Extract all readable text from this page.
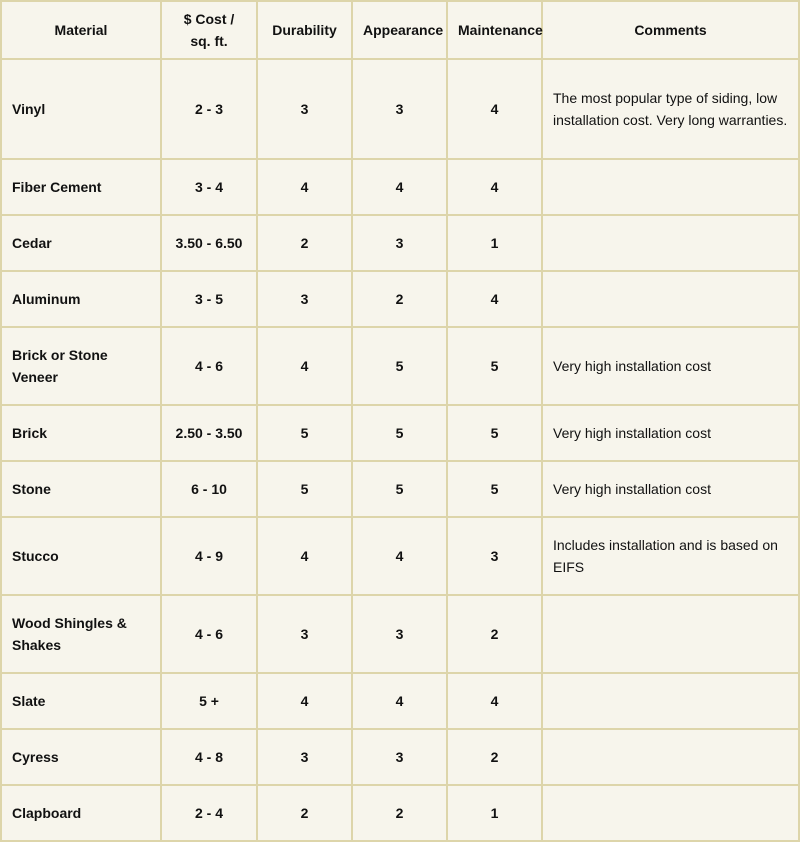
Material	$ Cost / sq. ft.	Durability	Appearance	Maintenance	Comments
Vinyl	2 - 3	3	3	4	The most popular type of siding, low installation cost. Very long warranties.
Fiber Cement	3 - 4	4	4	4	
Cedar	3.50 - 6.50	2	3	1	
Aluminum	3 - 5	3	2	4	
Brick or Stone Veneer	4 - 6	4	5	5	Very high installation cost
Brick	2.50 - 3.50	5	5	5	Very high installation cost
Stone	6 - 10	5	5	5	Very high installation cost
Stucco	4 - 9	4	4	3	Includes installation and is based on EIFS
Wood Shingles & Shakes	4 - 6	3	3	2	
Slate	5 +	4	4	4	
Cyress	4 - 8	3	3	2	
Clapboard	2 - 4	2	2	1	
